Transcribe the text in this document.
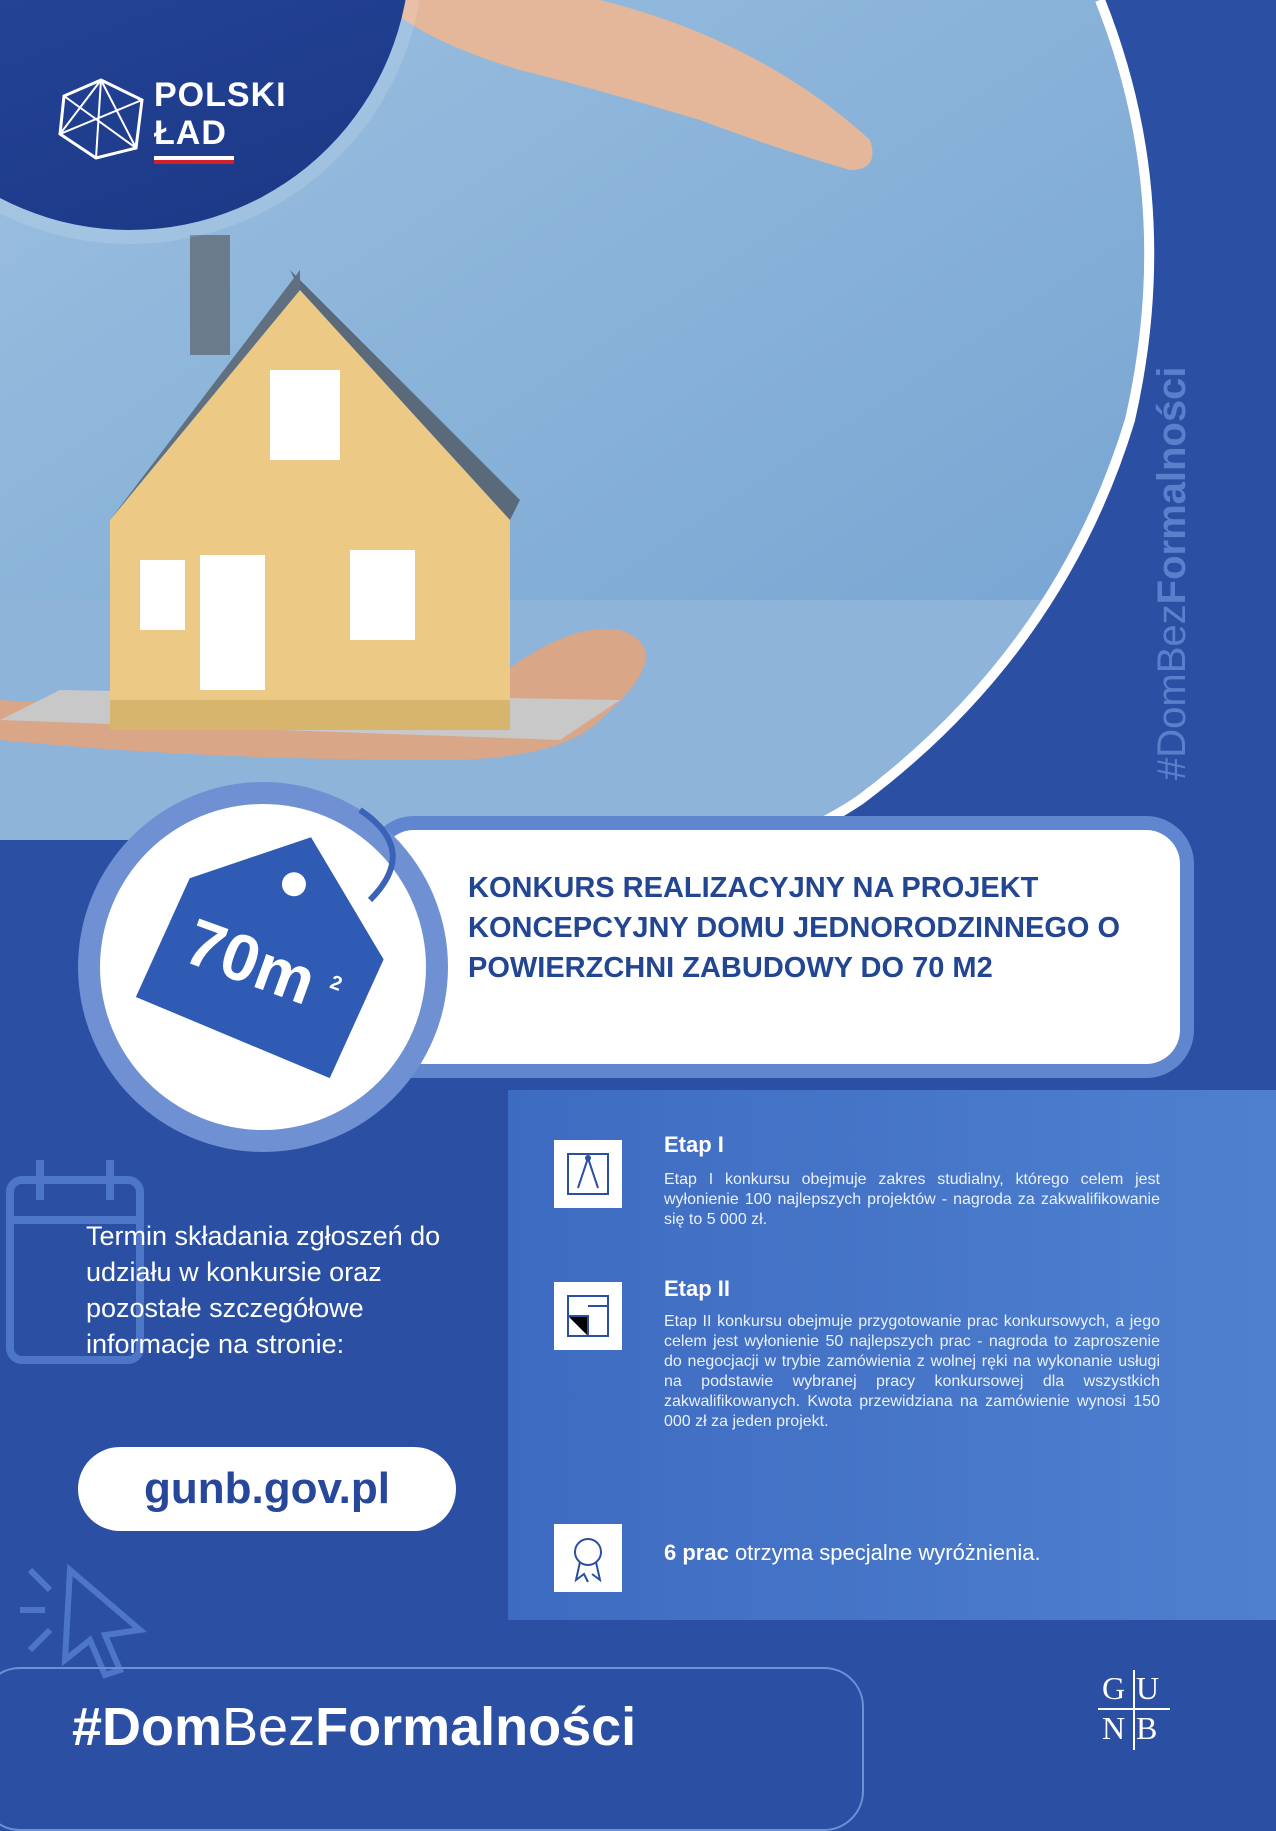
POLSKI
ŁAD
#DomBezFormalności
KONKURS REALIZACYJNY NA PROJEKT KONCEPCYJNY DOMU JEDNORODZINNEGO O POWIERZCHNI ZABUDOWY DO 70 M2
70m 2
Etap I
Etap I konkursu obejmuje zakres studialny, którego celem jest wyłonienie 100 najlepszych projektów - nagroda za zakwalifikowanie się to 5 000 zł.
Etap II
Etap II konkursu obejmuje przygotowanie prac konkursowych, a jego celem jest wyłonienie 50 najlepszych prac - nagroda to zaproszenie do negocjacji w trybie zamówienia z wolnej ręki na wykonanie usługi na podstawie wybranej pracy konkursowej dla wszystkich zakwalifikowanych. Kwota przewidziana na zamówienie wynosi 150 000 zł za jeden projekt.
6 prac otrzyma specjalne wyróżnienia.
Termin składania zgłoszeń do udziału w konkursie oraz pozostałe szczegółowe informacje na stronie:
gunb.gov.pl
#DomBezFormalności
G U
N B
